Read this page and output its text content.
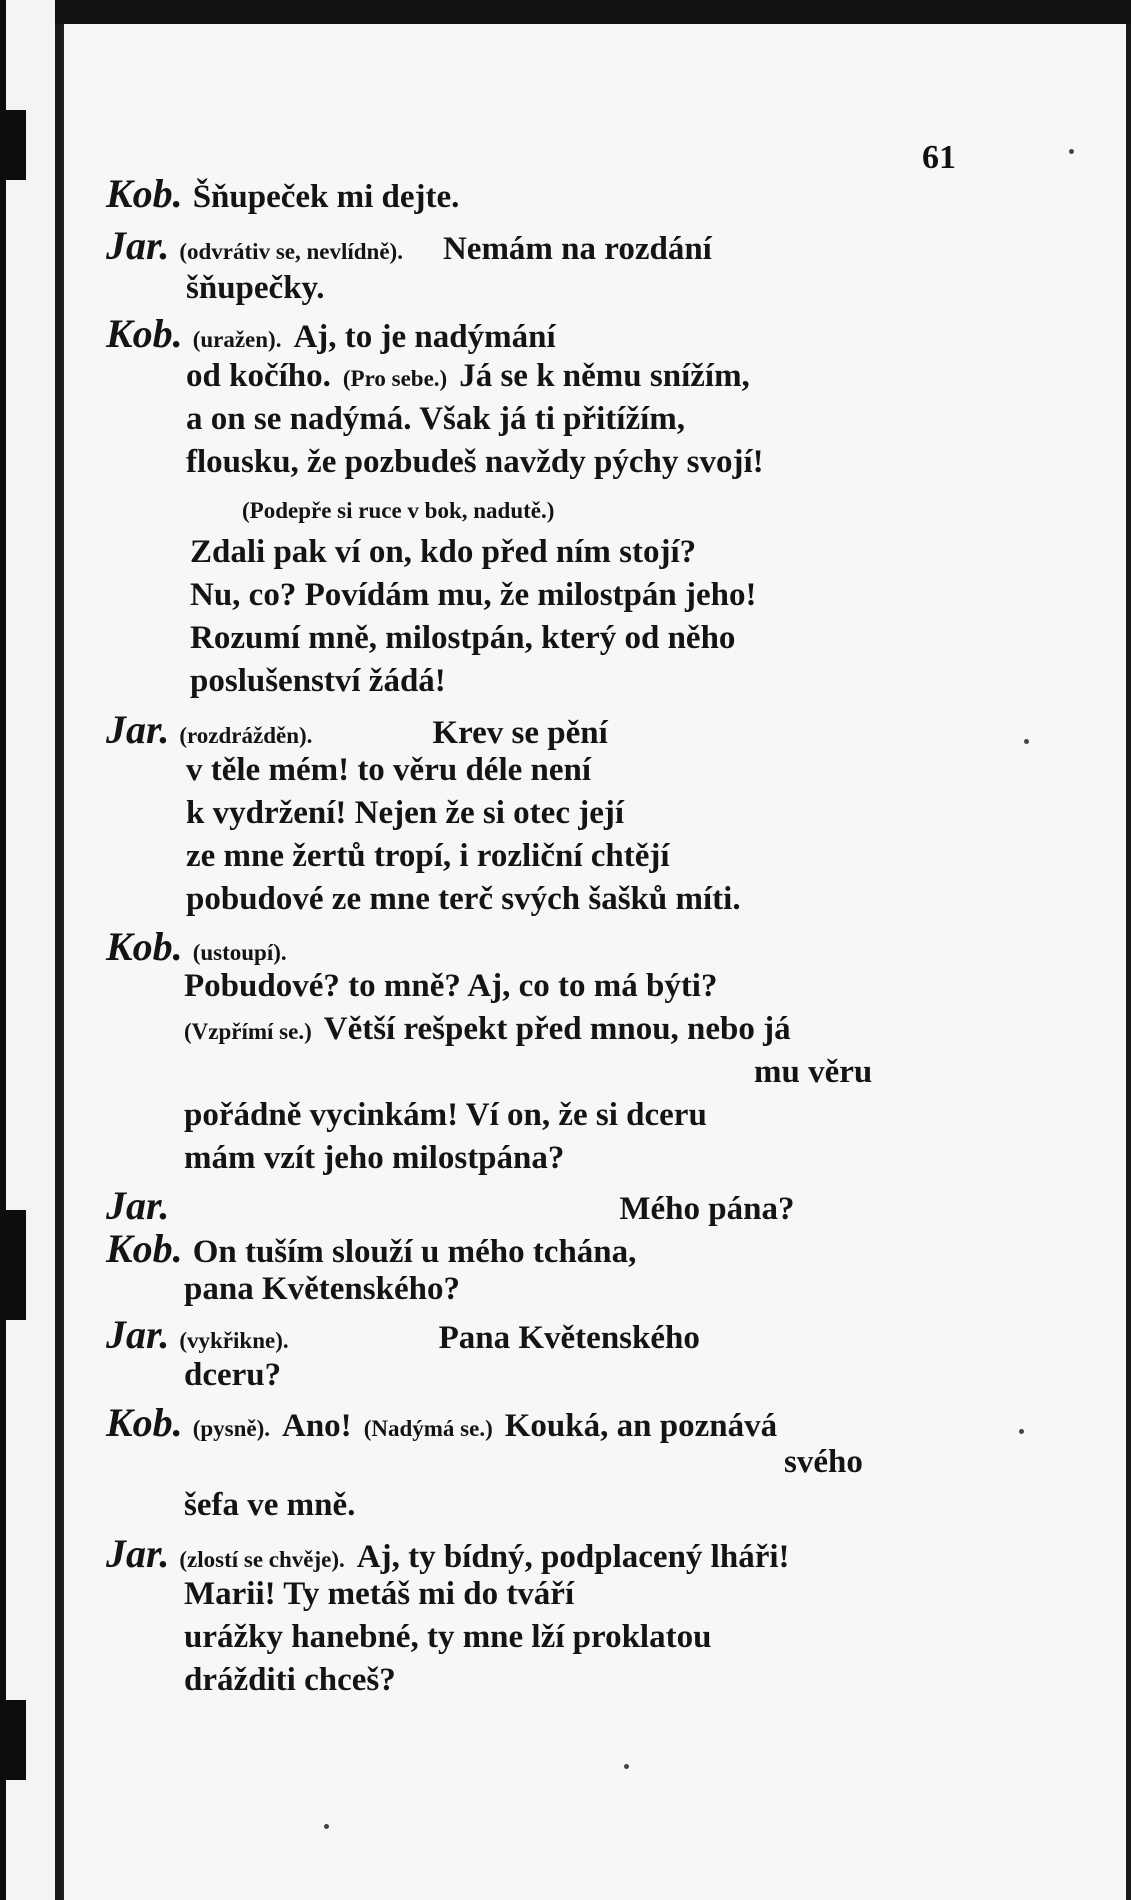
61
Kob. Šňupeček mi dejte.
Jar. (odvrátiv se, nevlídně). Nemám na rozdání
šňupečky.
Kob. (uražen). Aj, to je nadýmání
od kočího. (Pro sebe.) Já se k němu snížím,
a on se nadýmá. Však já ti přitížím,
flousku, že pozbudeš navždy pýchy svojí!
(Podepře si ruce v bok, nadutě.)
Zdali pak ví on, kdo před ním stojí?
Nu, co? Povídám mu, že milostpán jeho!
Rozumí mně, milostpán, který od něho
poslušenství žádá!
Jar. (rozdrážděn).	Krev se pění
v těle mém! to věru déle není
k vydržení! Nejen že si otec její
ze mne žertů tropí, i rozliční chtějí
pobudové ze mne terč svých šašků míti.
Kob. (ustoupí).
Pobudové? to mně? Aj, co to má býti?
(Vzpřímí se.) Větší rešpekt před mnou, nebo já
mu věru
pořádně vycinkám! Ví on, že si dceru
mám vzít jeho milostpána?
Jar.	Mého pána?
Kob. On tuším slouží u mého tchána,
pana Květenského?
Jar. (vykřikne).	Pana Květenského
dceru?
Kob. (pysně). Ano! (Nadýmá se.) Kouká, an poznává
svého
šefa ve mně.
Jar. (zlostí se chvěje). Aj, ty bídný, podplacený lháři!
Marii! Ty metáš mi do tváří
urážky hanebné, ty mne lží proklatou
drážditi chceš?
